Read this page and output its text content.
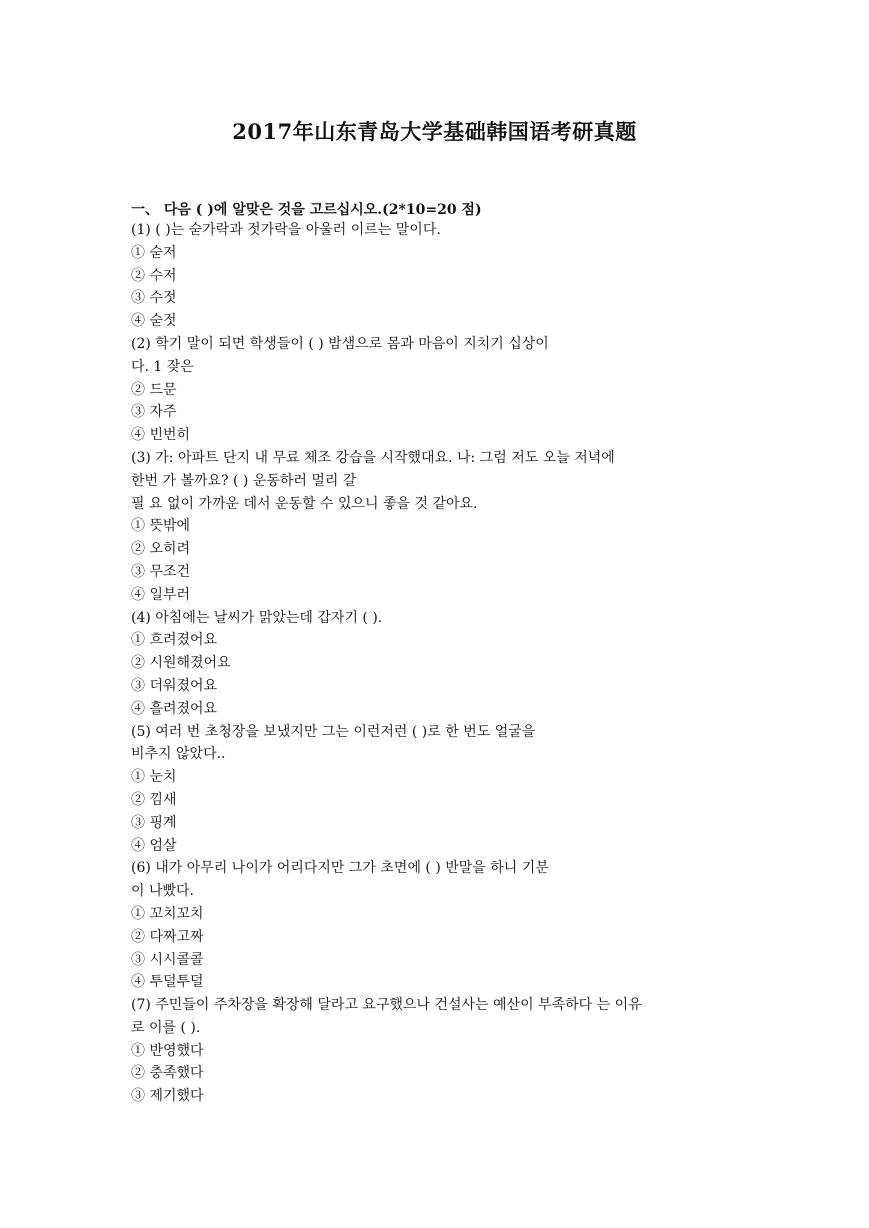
2017年山东青岛大学基础韩国语考研真题
一、 다음 ( )에 알맞은 것을 고르십시오.(2*10=20 점)
(1) ( )는 숟가락과 젓가락을 아울러 이르는 말이다.
① 숟저
② 수저
③ 수젓
④ 숟젓
(2) 학기 말이 되면 학생들이 ( ) 밤샘으로 몸과 마음이 지치기 십상이
다. 1 잦은
② 드문
③ 자주
④ 빈번히
(3) 가: 아파트 단지 내 무료 체조 강습을 시작했대요. 나: 그럼 저도 오늘 저녁에
한번 가 볼까요? ( ) 운동하러 멀리 갈
필 요 없이 가까운 데서 운동할 수 있으니 좋을 것 같아요.
① 뜻밖에
② 오히려
③ 무조건
④ 일부러
(4) 아침에는 날씨가 맑았는데 갑자기 ( ).
① 흐려졌어요
② 시원해졌어요
③ 더워졌어요
④ 흘려졌어요
(5) 여러 번 초청장을 보냈지만 그는 이런저런 ( )로 한 번도 얼굴을
비추지 않았다..
① 눈치
② 낌새
③ 핑계
④ 엄살
(6) 내가 아무리 나이가 어리다지만 그가 초면에 ( ) 반말을 하니 기분
이 나빴다.
① 꼬치꼬치
② 다짜고짜
③ 시시콜콜
④ 투덜투덜
(7) 주민들이 주차장을 확장해 달라고 요구했으나 건설사는 예산이 부족하다 는 이유
로 이를 ( ).
① 반영했다
② 충족했다
③ 제기했다
